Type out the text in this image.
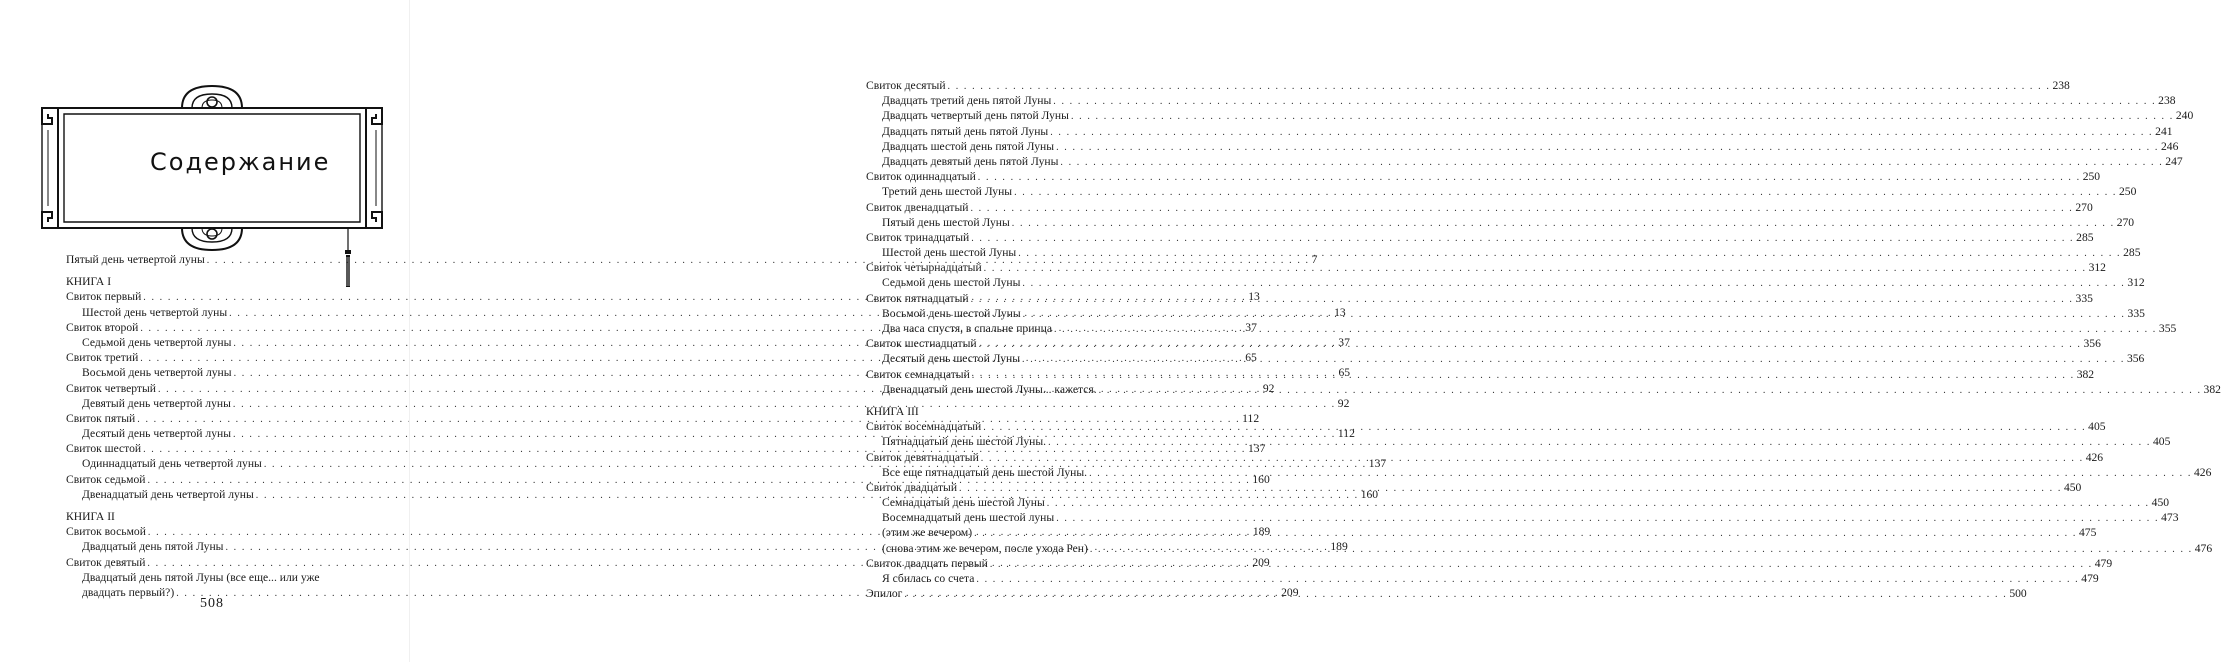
Содержание
Пятый день четвертой луны . . .	7
КНИГА I
Свиток первый . . .	13
Шестой день четвертой луны . . .	13
Свиток второй . . .	37
Седьмой день четвертой луны . . .	37
Свиток третий . . .	65
Восьмой день четвертой луны . . .	65
Свиток четвертый . . .	92
Девятый день четвертой луны . . .	92
Свиток пятый . . .	112
Десятый день четвертой луны . . .	112
Свиток шестой . . .	137
Одиннадцатый день четвертой луны . . .	137
Свиток седьмой . . .	160
Двенадцатый день четвертой луны . . .	160
КНИГА II
Свиток восьмой . . .	189
Двадцатый день пятой Луны . . .	189
Свиток девятый . . .	209
Двадцатый день пятой Луны (все еще... или уже
двадцать первый?) . . .	209
508
Свиток десятый . . .	238
Двадцать третий день пятой Луны . . .	238
Двадцать четвертый день пятой Луны . . .	240
Двадцать пятый день пятой Луны . . .	241
Двадцать шестой день пятой Луны . . .	246
Двадцать девятый день пятой Луны . . .	247
Свиток одиннадцатый . . .	250
Третий день шестой Луны . . .	250
Свиток двенадцатый . . .	270
Пятый день шестой Луны . . .	270
Свиток тринадцатый . . .	285
Шестой день шестой Луны . . .	285
Свиток четырнадцатый . . .	312
Седьмой день шестой Луны . . .	312
Свиток пятнадцатый . . .	335
Восьмой день шестой Луны . . .	335
Два часа спустя, в спальне принца . . .	355
Свиток шестнадцатый . . .	356
Десятый день шестой Луны . . .	356
Свиток семнадцатый . . .	382
Двенадцатый день шестой Луны... кажется. . . .	382
КНИГА III
Свиток восемнадцатый . . .	405
Пятнадцатый день шестой Луны. . . .	405
Свиток девятнадцатый . . .	426
Все еще пятнадцатый день шестой Луны. . . .	426
Свиток двадцатый . . .	450
Семнадцатый день шестой Луны . . .	450
Восемнадцатый день шестой луны . . .	473
(этим же вечером) . . .	475
(снова этим же вечером, после ухода Рен) . . .	476
Свиток двадцать первый . . .	479
Я сбилась со счета . . .	479
Эпилог . . .	500
